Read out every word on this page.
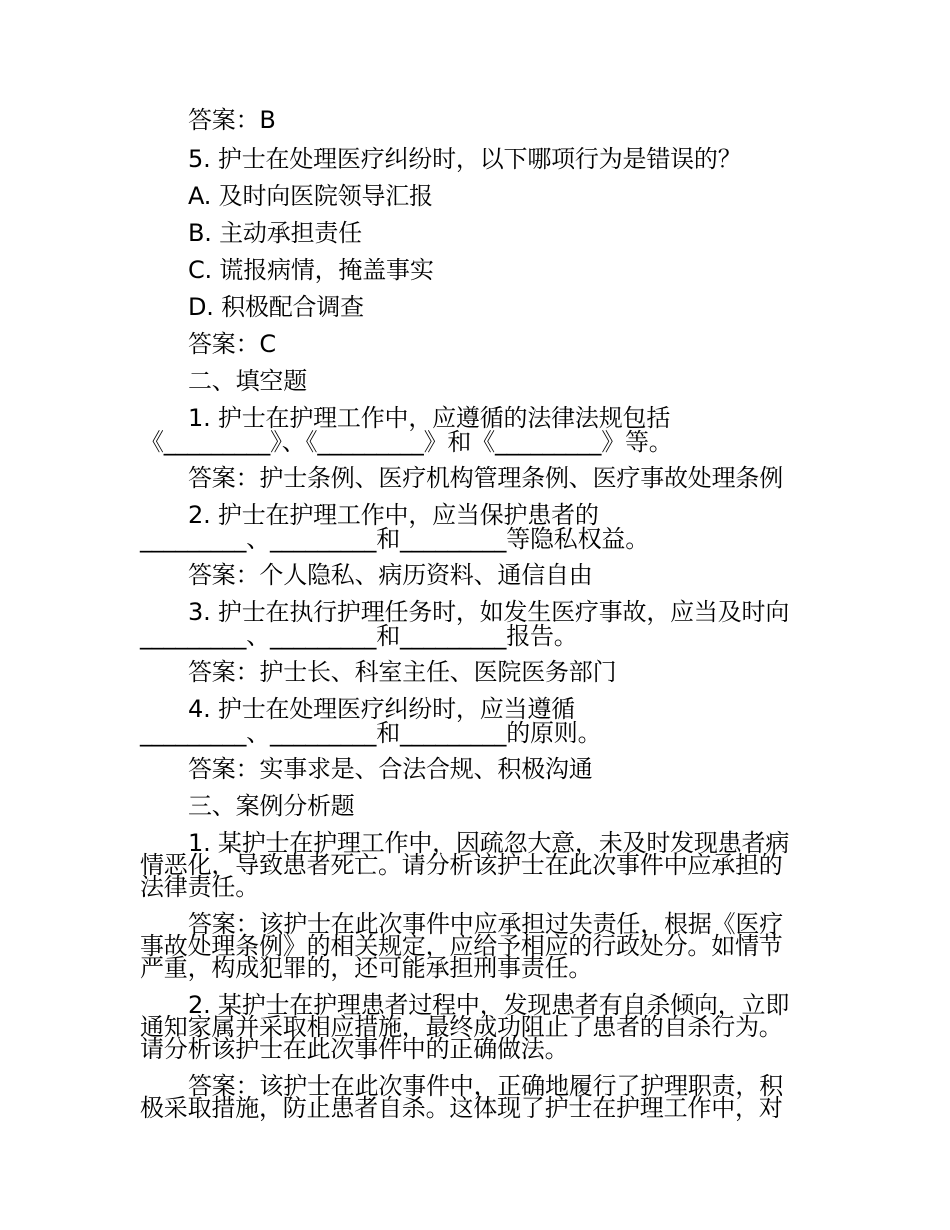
答案：B
5. 护士在处理医疗纠纷时，以下哪项行为是错误的？
A. 及时向医院领导汇报
B. 主动承担责任
C. 谎报病情，掩盖事实
D. 积极配合调查
答案：C
二、填空题
1. 护士在护理工作中，应遵循的法律法规包括
《_________》、《_________》和《_________》等。
答案：护士条例、医疗机构管理条例、医疗事故处理条例
2. 护士在护理工作中，应当保护患者的
_________、_________和_________等隐私权益。
答案：个人隐私、病历资料、通信自由
3. 护士在执行护理任务时，如发生医疗事故，应当及时向
_________、_________和_________报告。
答案：护士长、科室主任、医院医务部门
4. 护士在处理医疗纠纷时，应当遵循
_________、_________和_________的原则。
答案：实事求是、合法合规、积极沟通
三、案例分析题
1. 某护士在护理工作中，因疏忽大意，未及时发现患者病
情恶化，导致患者死亡。请分析该护士在此次事件中应承担的
法律责任。
答案：该护士在此次事件中应承担过失责任，根据《医疗
事故处理条例》的相关规定，应给予相应的行政处分。如情节
严重，构成犯罪的，还可能承担刑事责任。
2. 某护士在护理患者过程中，发现患者有自杀倾向，立即
通知家属并采取相应措施，最终成功阻止了患者的自杀行为。
请分析该护士在此次事件中的正确做法。
答案：该护士在此次事件中，正确地履行了护理职责，积
极采取措施，防止患者自杀。这体现了护士在护理工作中，对
